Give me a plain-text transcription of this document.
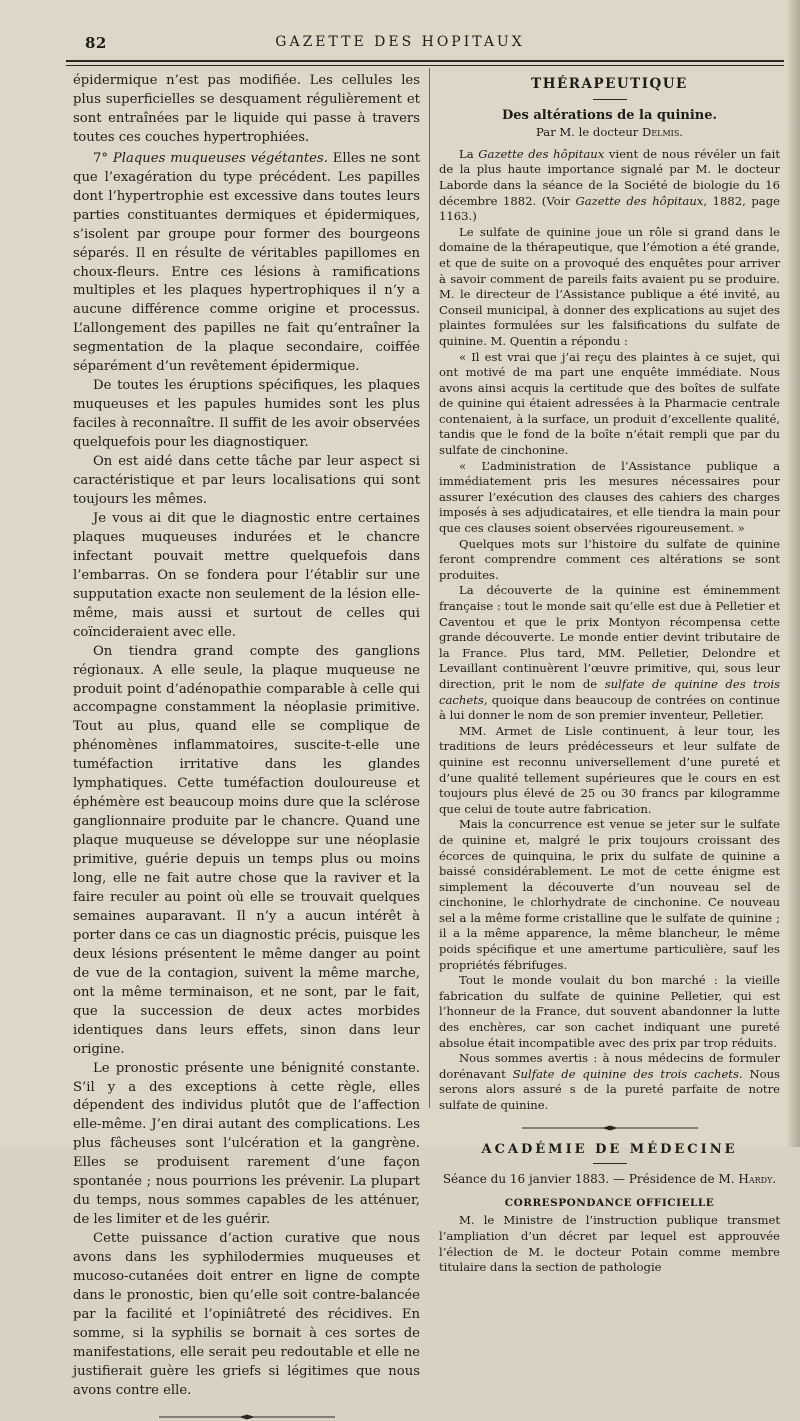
82	GAZETTE DES HOPITAUX

épidermique n’est pas modifiée. Les cellules les plus superficielles se desquament régulièrement et sont entraînées par le liquide qui passe à travers toutes ces couches hypertrophiées.

7° Plaques muqueuses végétantes. Elles ne sont que l’exagération du type précédent. Les papilles dont l’hypertrophie est excessive dans toutes leurs parties constituantes dermiques et épidermiques, s’isolent par groupe pour former des bourgeons séparés. Il en résulte de véritables papillomes en choux-fleurs. Entre ces lésions à ramifications multiples et les plaques hypertrophiques il n’y a aucune différence comme origine et processus. L’allongement des papilles ne fait qu’entraîner la segmentation de la plaque secondaire, coiffée séparément d’un revêtement épidermique.

De toutes les éruptions spécifiques, les plaques muqueuses et les papules humides sont les plus faciles à reconnaître. Il suffit de les avoir observées quelquefois pour les diagnostiquer.

On est aidé dans cette tâche par leur aspect si caractéristique et par leurs localisations qui sont toujours les mêmes.

Je vous ai dit que le diagnostic entre certaines plaques muqueuses indurées et le chancre infectant pouvait mettre quelquefois dans l’embarras. On se fondera pour l’établir sur une supputation exacte non seulement de la lésion elle-même, mais aussi et surtout de celles qui coïncideraient avec elle.

On tiendra grand compte des ganglions régionaux. A elle seule, la plaque muqueuse ne produit point d’adénopathie comparable à celle qui accompagne constamment la néoplasie primitive. Tout au plus, quand elle se complique de phénomènes inflammatoires, suscite-t-elle une tuméfaction irritative dans les glandes lymphatiques. Cette tuméfaction douloureuse et éphémère est beaucoup moins dure que la sclérose ganglionnaire produite par le chancre. Quand une plaque muqueuse se développe sur une néoplasie primitive, guérie depuis un temps plus ou moins long, elle ne fait autre chose que la raviver et la faire reculer au point où elle se trouvait quelques semaines auparavant. Il n’y a aucun intérêt à porter dans ce cas un diagnostic précis, puisque les deux lésions présentent le même danger au point de vue de la contagion, suivent la même marche, ont la même terminaison, et ne sont, par le fait, que la succession de deux actes morbides identiques dans leurs effets, sinon dans leur origine.

Le pronostic présente une bénignité constante. S’il y a des exceptions à cette règle, elles dépendent des individus plutôt que de l’affection elle-même. J’en dirai autant des complications. Les plus fâcheuses sont l’ulcération et la gangrène. Elles se produisent rarement d’une façon spontanée ; nous pourrions les prévenir. La plupart du temps, nous sommes capables de les atténuer, de les limiter et de les guérir.

Cette puissance d’action curative que nous avons dans les syphilodermies muqueuses et mucoso-cutanées doit entrer en ligne de compte dans le pronostic, bien qu’elle soit contre-balancée par la facilité et l’opiniâtreté des récidives. En somme, si la syphilis se bornait à ces sortes de manifestations, elle serait peu redoutable et elle ne justifierait guère les griefs si légitimes que nous avons contre elle.

THÉRAPEUTIQUE
Des altérations de la quinine.
Par M. le docteur Delmis.

La Gazette des hôpitaux vient de nous révéler un fait de la plus haute importance signalé par M. le docteur Laborde dans la séance de la Société de biologie du 16 décembre 1882. (Voir Gazette des hôpitaux, 1882, page 1163.)

Le sulfate de quinine joue un rôle si grand dans le domaine de la thérapeutique, que l’émotion a été grande, et que de suite on a provoqué des enquêtes pour arriver à savoir comment de pareils faits avaient pu se produire. M. le directeur de l’Assistance publique a été invité, au Conseil municipal, à donner des explications au sujet des plaintes formulées sur les falsifications du sulfate de quinine. M. Quentin a répondu :

« Il est vrai que j’ai reçu des plaintes à ce sujet, qui ont motivé de ma part une enquête immédiate. Nous avons ainsi acquis la certitude que des boîtes de sulfate de quinine qui étaient adressées à la Pharmacie centrale contenaient, à la surface, un produit d’excellente qualité, tandis que le fond de la boîte n’était rempli que par du sulfate de cinchonine.

« L’administration de l’Assistance publique a immédiatement pris les mesures nécessaires pour assurer l’exécution des clauses des cahiers des charges imposés à ses adjudicataires, et elle tiendra la main pour que ces clauses soient observées rigoureusement. »

Quelques mots sur l’histoire du sulfate de quinine feront comprendre comment ces altérations se sont produites.

La découverte de la quinine est éminemment française : tout le monde sait qu’elle est due à Pelletier et Caventou et que le prix Montyon récompensa cette grande découverte. Le monde entier devint tributaire de la France. Plus tard, MM. Pelletier, Delondre et Levaillant continuèrent l’œuvre primitive, qui, sous leur direction, prit le nom de sulfate de quinine des trois cachets, quoique dans beaucoup de contrées on continue à lui donner le nom de son premier inventeur, Pelletier.

MM. Armet de Lisle continuent, à leur tour, les traditions de leurs prédécesseurs et leur sulfate de quinine est reconnu universellement d’une pureté et d’une qualité tellement supérieures que le cours en est toujours plus élevé de 25 ou 30 francs par kilogramme que celui de toute autre fabrication.

Mais la concurrence est venue se jeter sur le sulfate de quinine et, malgré le prix toujours croissant des écorces de quinquina, le prix du sulfate de quinine a baissé considérablement. Le mot de cette énigme est simplement la découverte d’un nouveau sel de cinchonine, le chlorhydrate de cinchonine. Ce nouveau sel a la même forme cristalline que le sulfate de quinine ; il a la même apparence, la même blancheur, le même poids spécifique et une amertume particulière, sauf les propriétés fébrifuges.

Tout le monde voulait du bon marché : la vieille fabrication du sulfate de quinine Pelletier, qui est l’honneur de la France, dut souvent abandonner la lutte des enchères, car son cachet indiquant une pureté absolue était incompatible avec des prix par trop réduits.

Nous sommes avertis : à nous médecins de formuler dorénavant Sulfate de quinine des trois cachets. Nous serons alors assuré s de la pureté parfaite de notre sulfate de quinine.

ACADÉMIE DE MÉDECINE
Séance du 16 janvier 1883. — Présidence de M. Hardy.
CORRESPONDANCE OFFICIELLE

M. le Ministre de l’instruction publique transmet l’ampliation d’un décret par lequel est approuvée l’élection de M. le docteur Potain comme membre titulaire dans la section de pathologie
